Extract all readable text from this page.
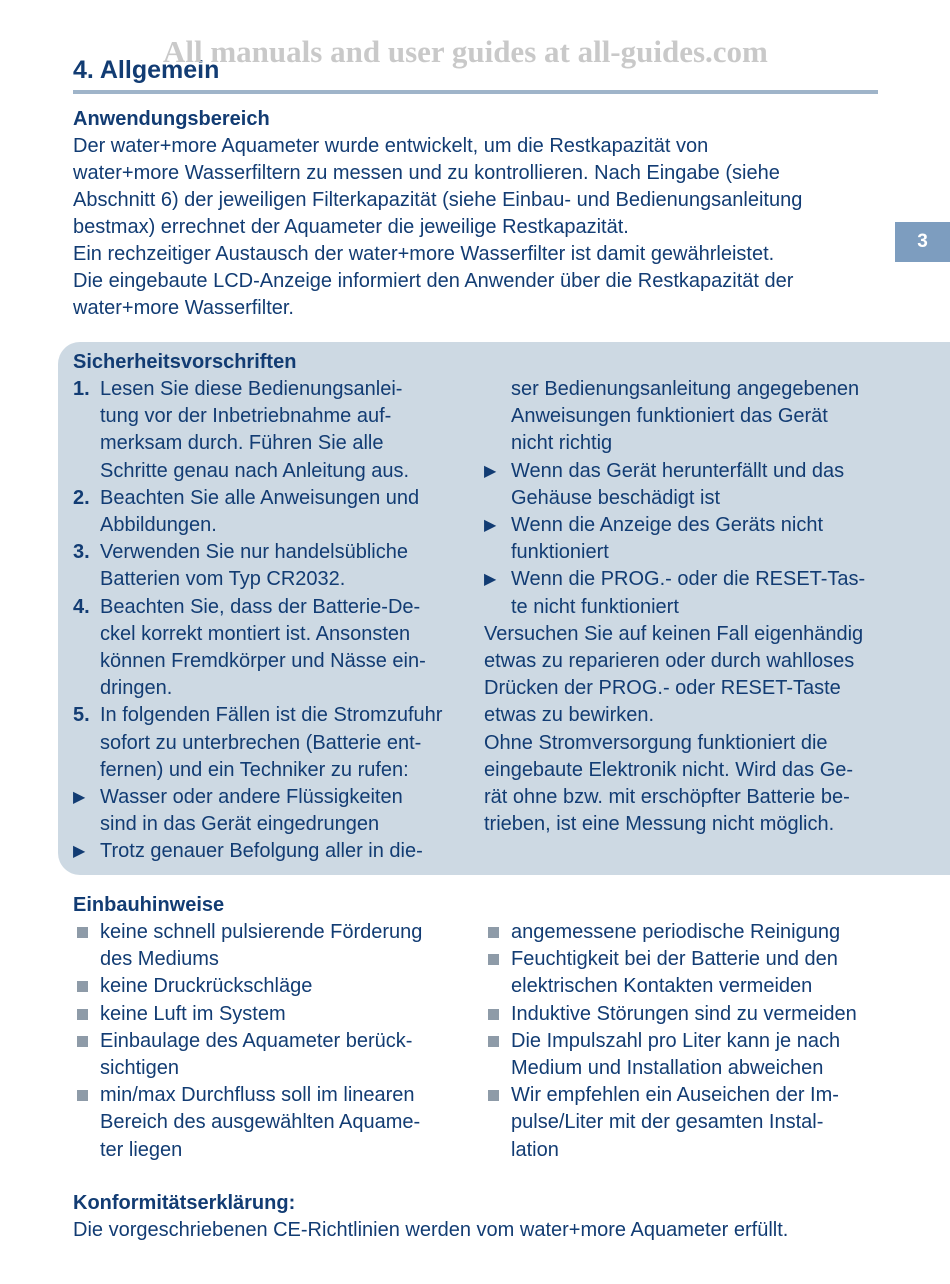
4. Allgemein
All manuals and user guides at all-guides.com
3
Anwendungsbereich

Der water+more Aquameter wurde entwickelt, um die Restkapazität von

water+more Wasserfiltern zu messen und zu kontrollieren. Nach Eingabe (siehe

Abschnitt 6) der jeweiligen Filterkapazität (siehe Einbau- und Bedienungsanleitung

bestmax) errechnet der Aquameter die jeweilige Restkapazität.

Ein rechzeitiger Austausch der water+more Wasserfilter ist damit gewährleistet.

Die eingebaute LCD-Anzeige informiert den Anwender über die Restkapazität der

water+more Wasserfilter.

Sicherheitsvorschriften
1. Lesen Sie diese Bedienungsanlei-
tung vor der Inbetriebnahme auf-
merksam durch. Führen Sie alle
Schritte genau nach Anleitung aus.
2. Beachten Sie alle Anweisungen und
Abbildungen.
3. Verwenden Sie nur handelsübliche
Batterien vom Typ CR2032.
4. Beachten Sie, dass der Batterie-De-
ckel korrekt montiert ist. Ansonsten
können Fremdkörper und Nässe ein-
dringen.
5. In folgenden Fällen ist die Stromzufuhr
sofort zu unterbrechen (Batterie ent-
fernen) und ein Techniker zu rufen:
▶ Wasser oder andere Flüssigkeiten
sind in das Gerät eingedrungen
▶ Trotz genauer Befolgung aller in die-
ser Bedienungsanleitung angegebenen
Anweisungen funktioniert das Gerät
nicht richtig
▶ Wenn das Gerät herunterfällt und das
Gehäuse beschädigt ist
▶ Wenn die Anzeige des Geräts nicht
funktioniert
▶ Wenn die PROG.- oder die RESET-Tas-
te nicht funktioniert
Versuchen Sie auf keinen Fall eigenhändig
etwas zu reparieren oder durch wahlloses
Drücken der PROG.- oder RESET-Taste
etwas zu bewirken.
Ohne Stromversorgung funktioniert die
eingebaute Elektronik nicht. Wird das Ge-
rät ohne bzw. mit erschöpfter Batterie be-
trieben, ist eine Messung nicht möglich.
Einbauhinweise
keine schnell pulsierende Förderung
des Mediums
keine Druckrückschläge
keine Luft im System
Einbaulage des Aquameter berück-
sichtigen
min/max Durchfluss soll im linearen
Bereich des ausgewählten Aquame-
ter liegen
angemessene periodische Reinigung
Feuchtigkeit bei der Batterie und den
elektrischen Kontakten vermeiden
Induktive Störungen sind zu vermeiden
Die Impulszahl pro Liter kann je nach
Medium und Installation abweichen
Wir empfehlen ein Auseichen der Im-
pulse/Liter mit der gesamten Instal-
lation
Konformitätserklärung:
Die vorgeschriebenen CE-Richtlinien werden vom water+more Aquameter erfüllt.
